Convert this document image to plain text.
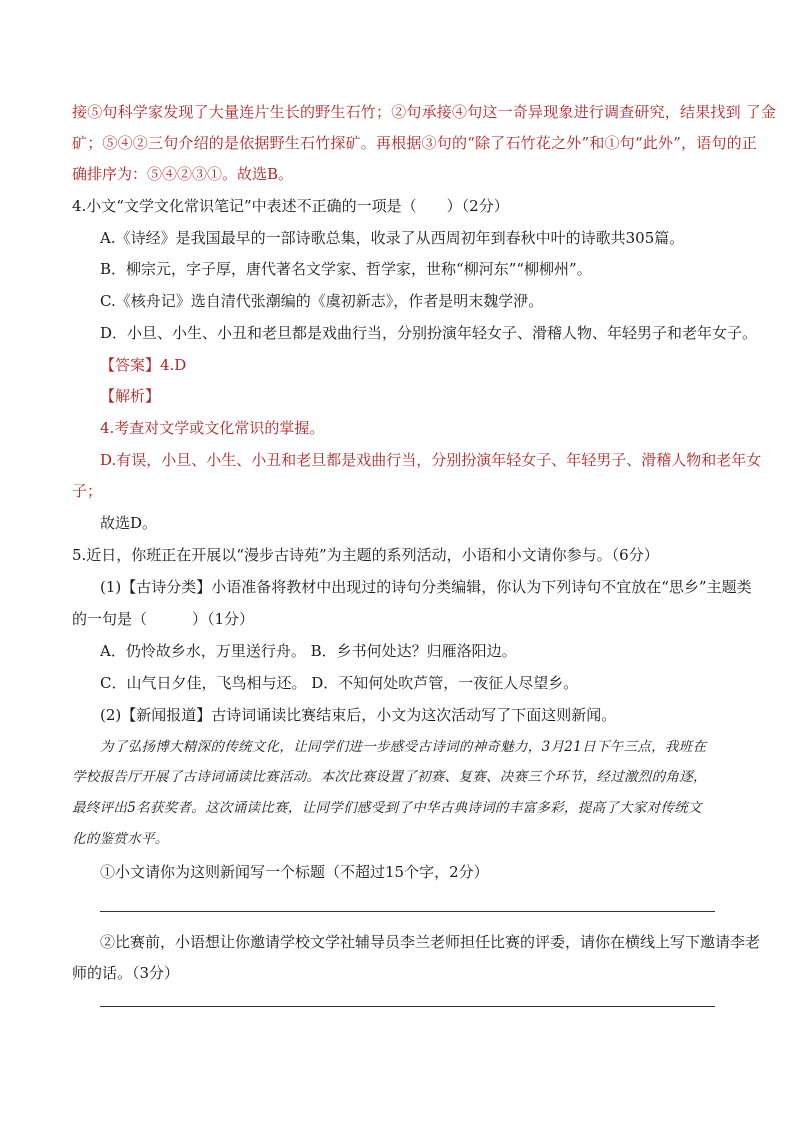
接⑤句科学家发现了大量连片生长的野生石竹；②句承接④句这一奇异现象进行调查研究，结果找到 了金
矿；⑤④②三句介绍的是依据野生石竹探矿。再根据③句的“除了石竹花之外”和①句“此外”，语句的正
确排序为：⑤④②③①。故选B。
4.小文“文学文化常识笔记”中表述不正确的一项是（　　）（2分）
A.《诗经》是我国最早的一部诗歌总集，收录了从西周初年到春秋中叶的诗歌共305篇。
B．柳宗元，字子厚，唐代著名文学家、哲学家，世称“柳河东”“柳柳州”。
C.《核舟记》选自清代张潮编的《虞初新志》，作者是明末魏学洢。
D．小旦、小生、小丑和老旦都是戏曲行当，分别扮演年轻女子、滑稽人物、年轻男子和老年女子。
【答案】4.D
【解析】
4.考查对文学或文化常识的掌握。
D.有误，小旦、小生、小丑和老旦都是戏曲行当，分别扮演年轻女子、年轻男子、滑稽人物和老年女
子；
故选D。
5.近日，你班正在开展以“漫步古诗苑”为主题的系列活动，小语和小文请你参与。（6分）
(1)【古诗分类】小语准备将教材中出现过的诗句分类编辑，你认为下列诗句不宜放在“思乡”主题类
的一句是（　　　）（1分）
A．仍怜故乡水，万里送行舟。 B．乡书何处达？归雁洛阳边。
C．山气日夕佳，飞鸟相与还。 D．不知何处吹芦管，一夜征人尽望乡。
(2)【新闻报道】古诗词诵读比赛结束后，小文为这次活动写了下面这则新闻。
为了弘扬博大精深的传统文化，让同学们进一步感受古诗词的神奇魅力，3月21日下午三点，我班在
学校报告厅开展了古诗词诵读比赛活动。本次比赛设置了初赛、复赛、决赛三个环节，经过激烈的角逐，
最终评出5名获奖者。这次诵读比赛，让同学们感受到了中华古典诗词的丰富多彩，提高了大家对传统文
化的鉴赏水平。
①小文请你为这则新闻写一个标题（不超过15个字，2分）
②比赛前，小语想让你邀请学校文学社辅导员李兰老师担任比赛的评委，请你在横线上写下邀请李老
师的话。（3分）
